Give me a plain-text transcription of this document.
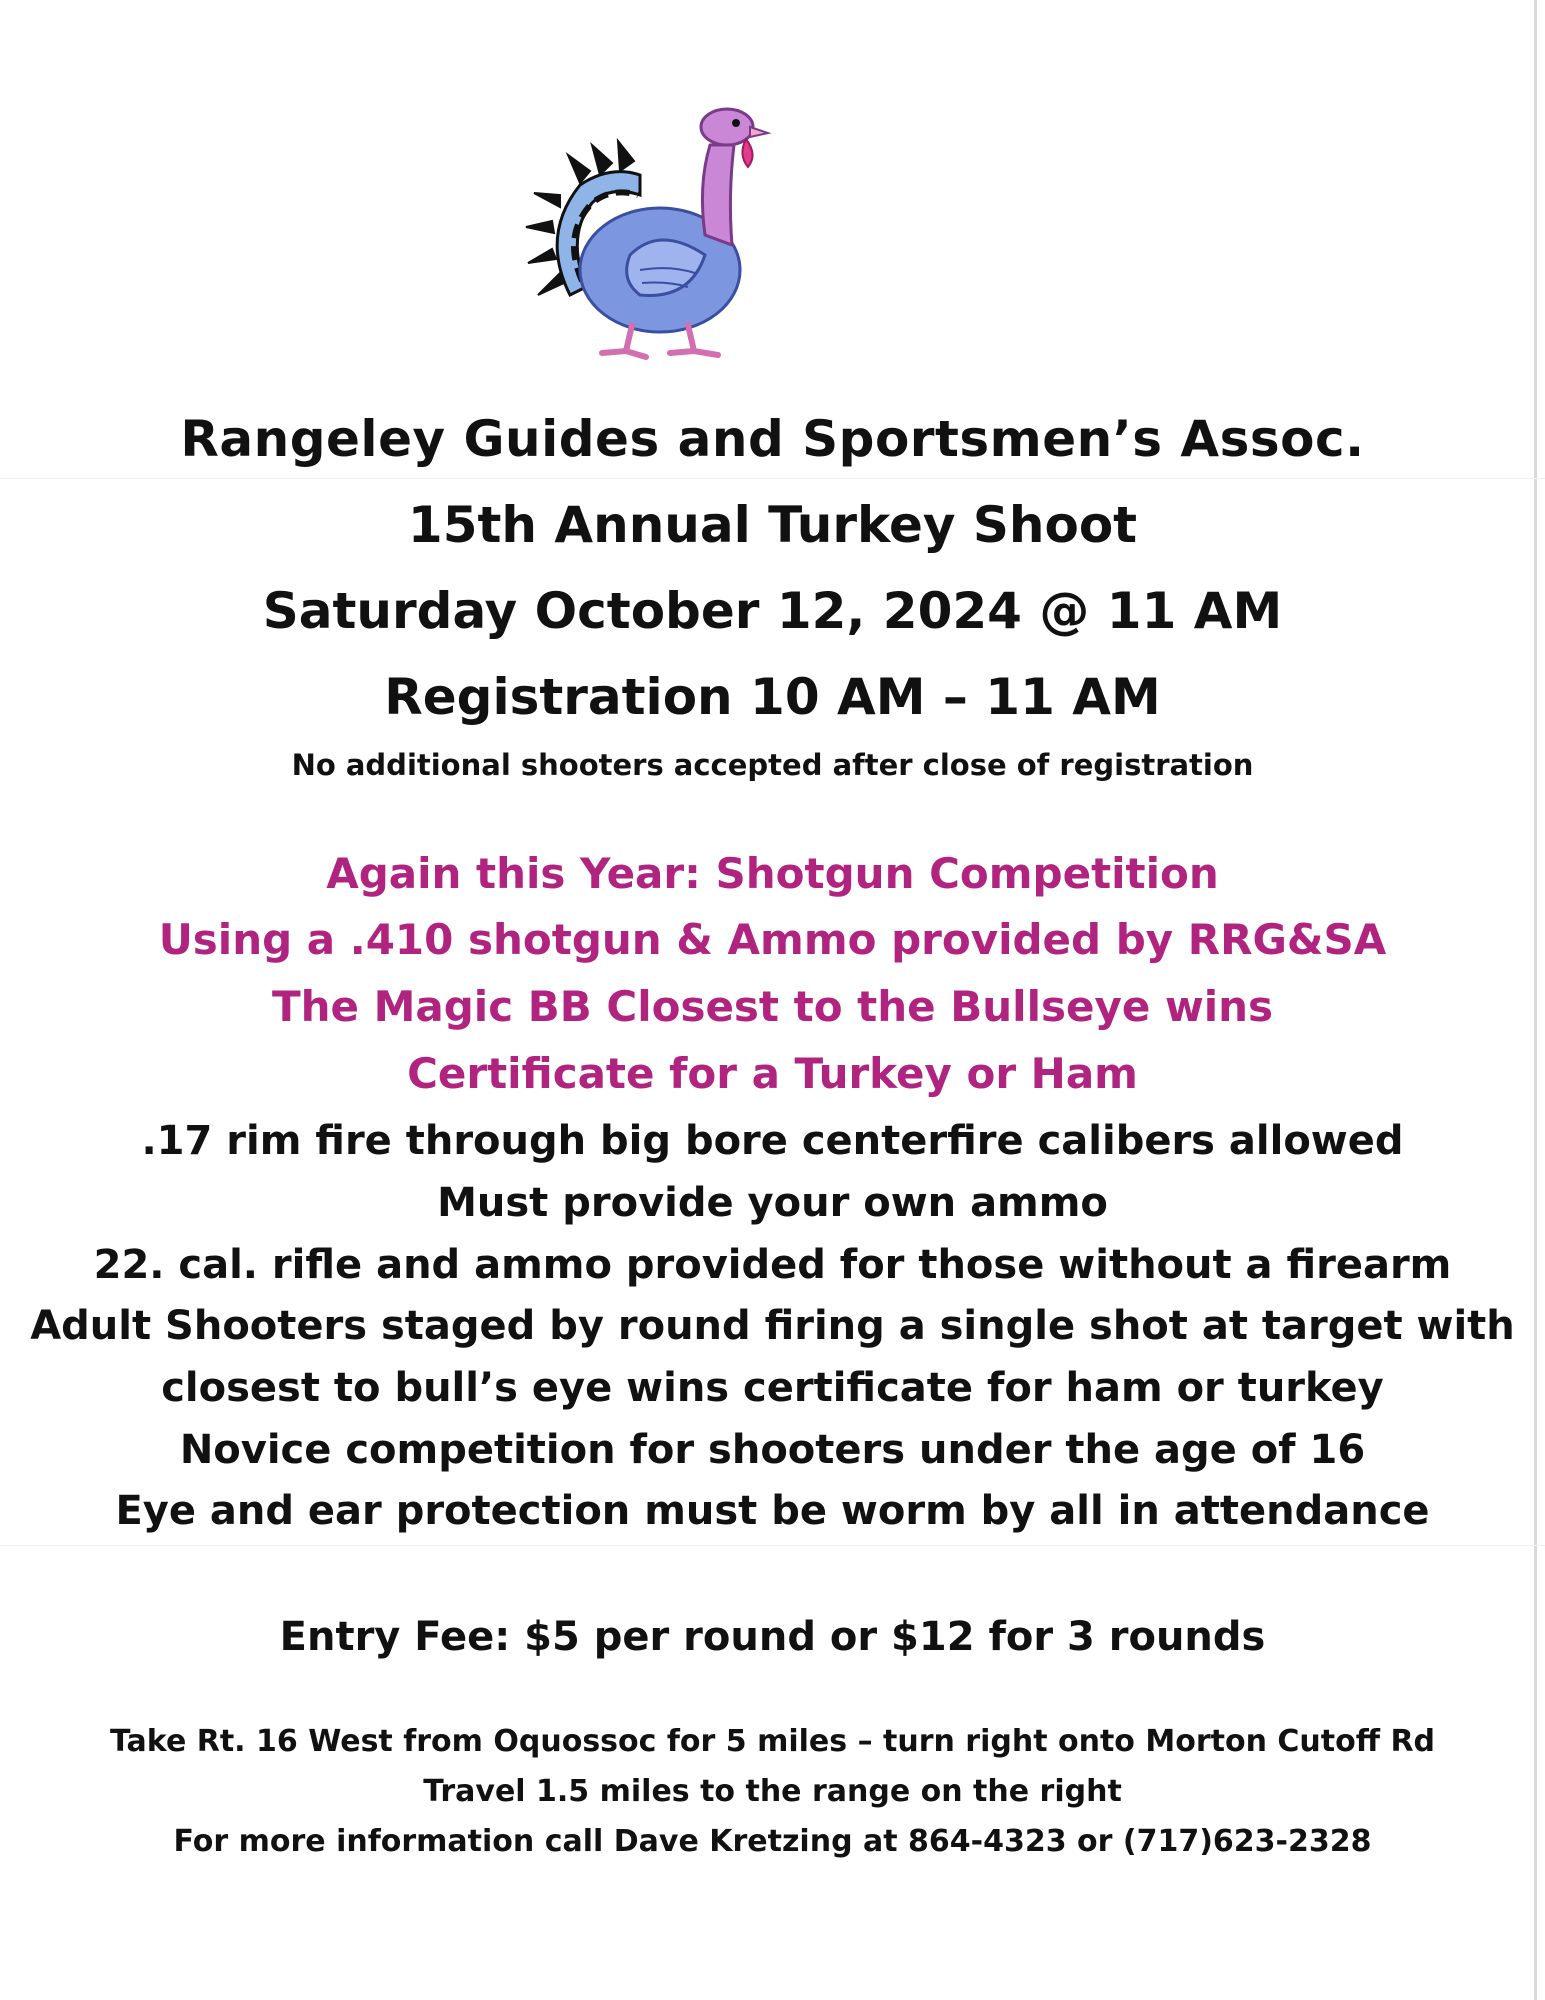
Rangeley Guides and Sportsmen’s Assoc.
15th Annual Turkey Shoot
Saturday October 12, 2024 @ 11 AM
Registration 10 AM – 11 AM
No additional shooters accepted after close of registration
Again this Year: Shotgun Competition
Using a .410 shotgun & Ammo provided by RRG&SA
The Magic BB Closest to the Bullseye wins
Certificate for a Turkey or Ham
.17 rim fire through big bore centerfire calibers allowed
Must provide your own ammo
22. cal. rifle and ammo provided for those without a firearm
Adult Shooters staged by round firing a single shot at target with
closest to bull’s eye wins certificate for ham or turkey
Novice competition for shooters under the age of 16
Eye and ear protection must be worm by all in attendance
Entry Fee: $5 per round or $12 for 3 rounds
Take Rt. 16 West from Oquossoc for 5 miles – turn right onto Morton Cutoff Rd
Travel 1.5 miles to the range on the right
For more information call Dave Kretzing at 864-4323 or (717)623-2328
